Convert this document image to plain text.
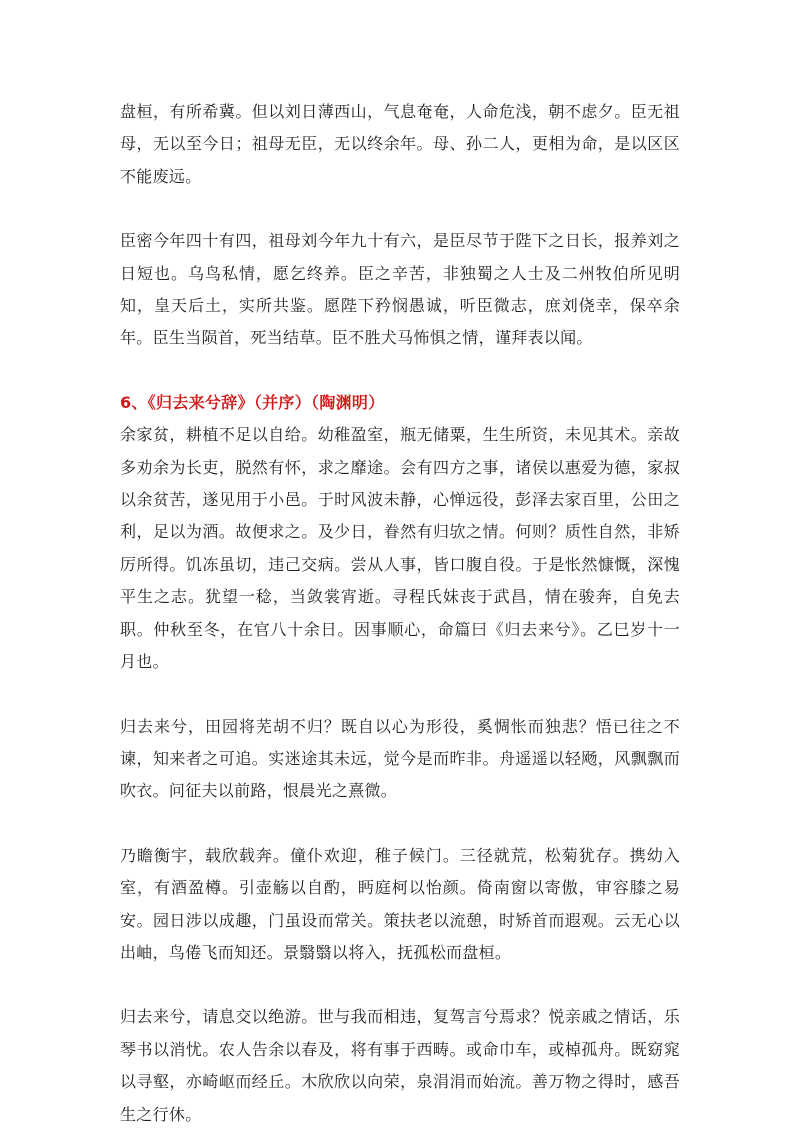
盘桓，有所希冀。但以刘日薄西山，气息奄奄，人命危浅，朝不虑夕。臣无祖母，无以至今日；祖母无臣，无以终余年。母、孙二人，更相为命，是以区区不能废远。

臣密今年四十有四，祖母刘今年九十有六，是臣尽节于陛下之日长，报养刘之日短也。乌鸟私情，愿乞终养。臣之辛苦，非独蜀之人士及二州牧伯所见明知，皇天后土，实所共鉴。愿陛下矜悯愚诚，听臣微志，庶刘侥幸，保卒余年。臣生当陨首，死当结草。臣不胜犬马怖惧之情，谨拜表以闻。

6、《归去来兮辞》（并序）（陶渊明）

余家贫，耕植不足以自给。幼稚盈室，瓶无储粟，生生所资，未见其术。亲故多劝余为长吏，脱然有怀，求之靡途。会有四方之事，诸侯以惠爱为德，家叔以余贫苦，遂见用于小邑。于时风波未静，心惮远役，彭泽去家百里，公田之利，足以为酒。故便求之。及少日，眷然有归欤之情。何则？质性自然，非矫厉所得。饥冻虽切，违己交病。尝从人事，皆口腹自役。于是怅然慷慨，深愧平生之志。犹望一稔，当敛裳宵逝。寻程氏妹丧于武昌，情在骏奔，自免去职。仲秋至冬，在官八十余日。因事顺心，命篇曰《归去来兮》。乙巳岁十一月也。

归去来兮，田园将芜胡不归？既自以心为形役，奚惆怅而独悲？悟已往之不谏，知来者之可追。实迷途其未远，觉今是而昨非。舟遥遥以轻飏，风飘飘而吹衣。问征夫以前路，恨晨光之熹微。

乃瞻衡宇，载欣载奔。僮仆欢迎，稚子候门。三径就荒，松菊犹存。携幼入室，有酒盈樽。引壶觞以自酌，眄庭柯以怡颜。倚南窗以寄傲，审容膝之易安。园日涉以成趣，门虽设而常关。策扶老以流憩，时矫首而遐观。云无心以出岫，鸟倦飞而知还。景翳翳以将入，抚孤松而盘桓。

归去来兮，请息交以绝游。世与我而相违，复驾言兮焉求？悦亲戚之情话，乐琴书以消忧。农人告余以春及，将有事于西畴。或命巾车，或棹孤舟。既窈窕以寻壑，亦崎岖而经丘。木欣欣以向荣，泉涓涓而始流。善万物之得时，感吾生之行休。
